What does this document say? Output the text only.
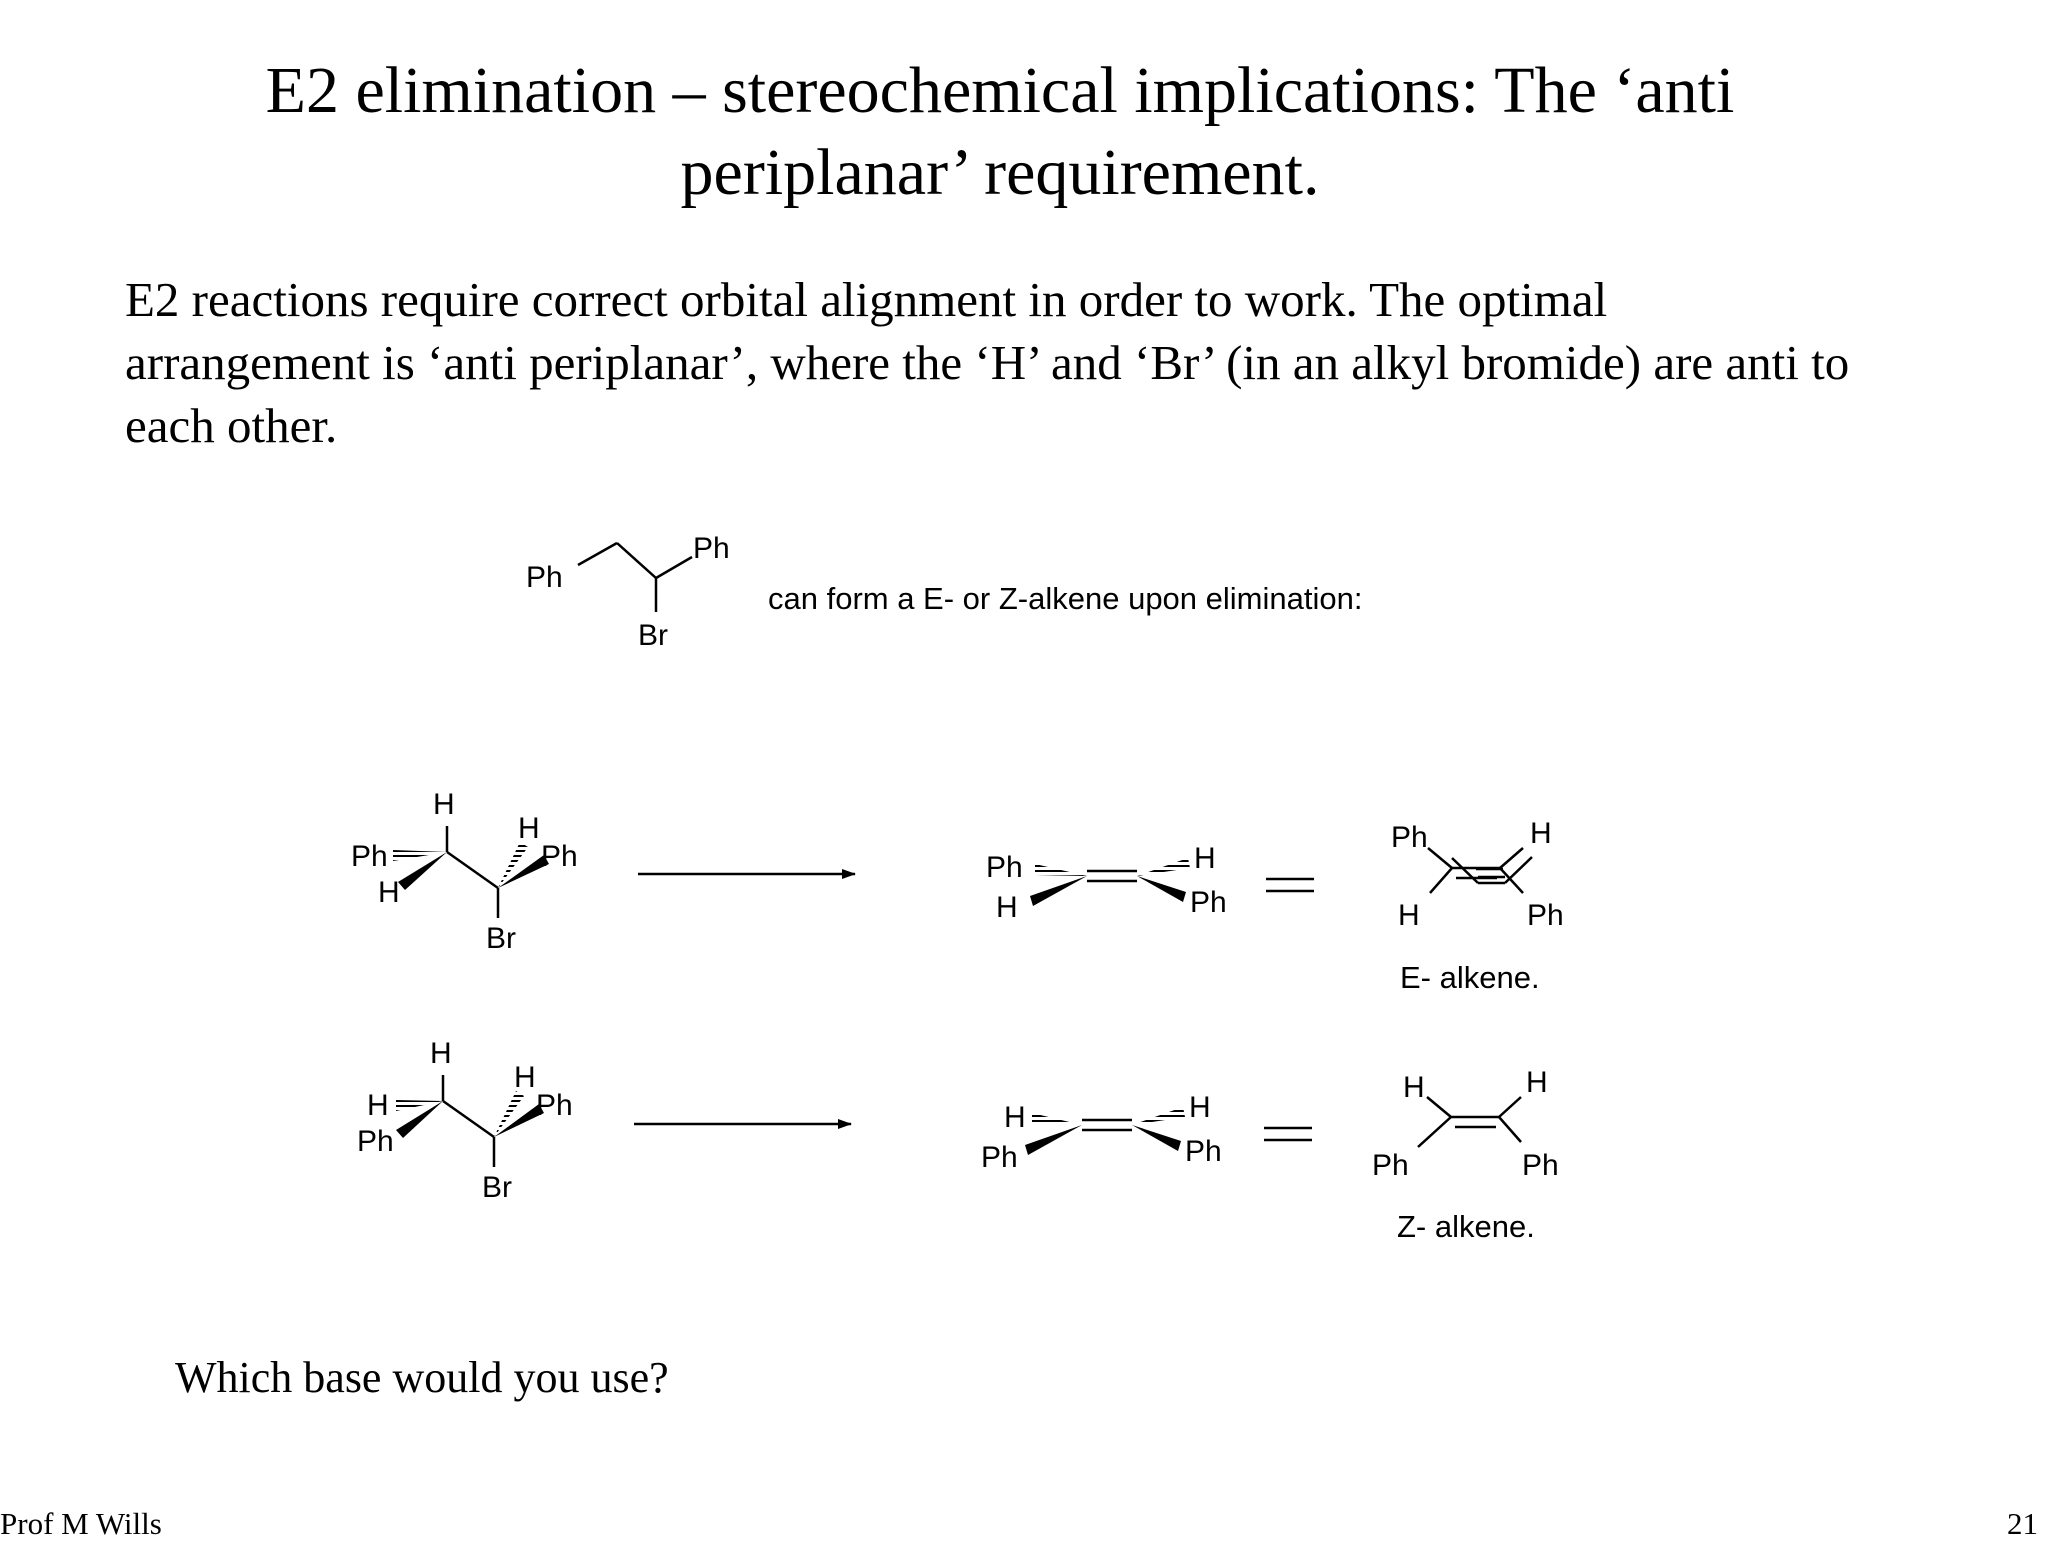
E2 elimination – stereochemical implications: The ‘anti
periplanar’ requirement.
E2 reactions require correct orbital alignment in order to work. The optimal
arrangement is ‘anti periplanar’, where the ‘H’ and ‘Br’ (in an alkyl bromide) are anti to
each other.
Ph
Ph
Br
can form a E- or Z-alkene upon elimination:
H
Ph
H
H
Ph
Br
Ph
H
H
Ph
Ph	H
H	Ph
E- alkene.
H
H
Ph
H
Ph
Br
H
Ph
H
Ph
H	H
Ph	Ph
Z- alkene.
Which base would you use?
Prof M Wills	21
